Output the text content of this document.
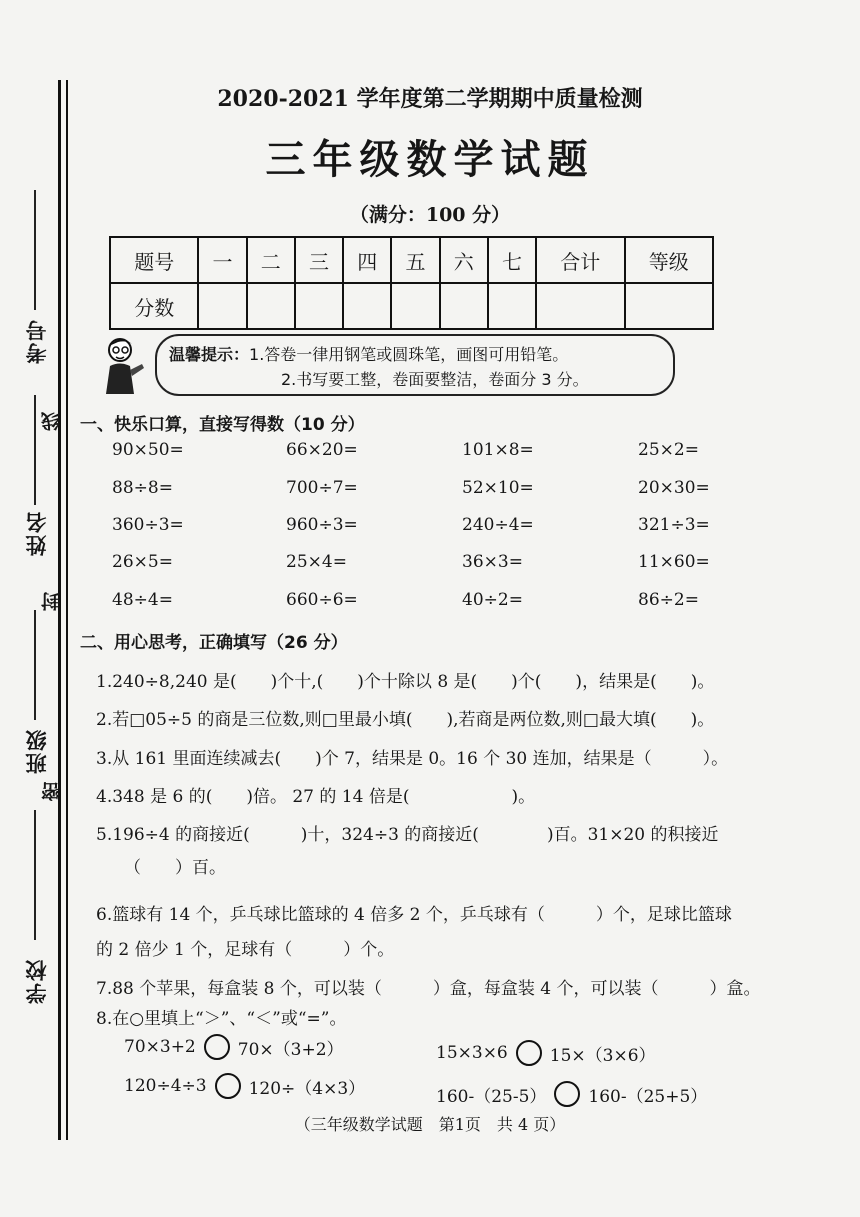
考号
线
姓名
封
班级
密
学校
2020-2021 学年度第二学期期中质量检测
三年级数学试题
（满分：100 分）
题号	一	二	三	四	五	六	七	合计	等级
分数									
温馨提示：1.答卷一律用钢笔或圆珠笔，画图可用铅笔。
2.书写要工整，卷面要整洁，卷面分 3 分。
一、快乐口算，直接写得数（10 分）
90×50=	66×20=	101×8=	25×2=
88÷8=	700÷7=	52×10=	20×30=
360÷3=	960÷3=	240÷4=	321÷3=
26×5=	25×4=	36×3=	11×60=
48÷4=	660÷6=	40÷2=	86÷2=
二、用心思考，正确填写（26 分）
1.240÷8,240 是(　　)个十,(　　)个十除以 8 是(　　)个(　　)，结果是(　　)。
2.若□05÷5 的商是三位数,则□里最小填(　　),若商是两位数,则□最大填(　　)。
3.从 161 里面连续减去(　　)个 7，结果是 0。16 个 30 连加，结果是（　　　）。
4.348 是 6 的(　　)倍。 27 的 14 倍是(　　　　　　)。
5.196÷4 的商接近(　　　)十，324÷3 的商接近(　　　　)百。31×20 的积接近
（　　）百。
6.篮球有 14 个，乒乓球比篮球的 4 倍多 2 个，乒乓球有（　　　）个，足球比篮球
的 2 倍少 1 个，足球有（　　　）个。
7.88 个苹果，每盒装 8 个，可以装（　　　）盒，每盒装 4 个，可以装（　　　）盒。
8.在○里填上“＞”、“＜”或“=”。
70×3+2 70×（3+2）	15×3×6 15×（3×6）
120÷4÷3 120÷（4×3）	160-（25-5） 160-（25+5）
（三年级数学试题　第1页　共 4 页）
